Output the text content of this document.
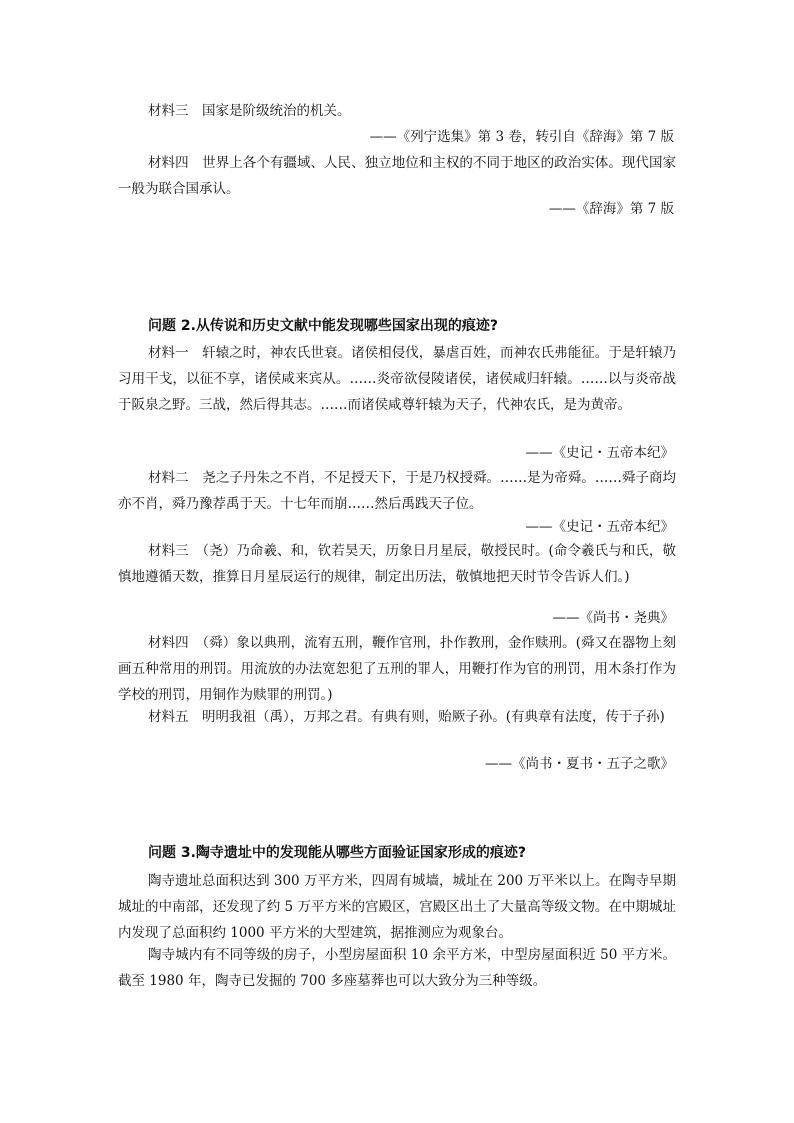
材料三　国家是阶级统治的机关。
——《列宁选集》第 3 卷，转引自《辞海》第 7 版
材料四　世界上各个有疆域、人民、独立地位和主权的不同于地区的政治实体。现代国家一般为联合国承认。
——《辞海》第 7 版
问题 2.从传说和历史文献中能发现哪些国家出现的痕迹?
材料一　轩辕之时，神农氏世衰。诸侯相侵伐，暴虐百姓，而神农氏弗能征。于是轩辕乃习用干戈，以征不享，诸侯咸来宾从。……炎帝欲侵陵诸侯，诸侯咸归轩辕。……以与炎帝战于阪泉之野。三战，然后得其志。……而诸侯咸尊轩辕为天子，代神农氏，是为黄帝。
——《史记・五帝本纪》
材料二　尧之子丹朱之不肖，不足授天下，于是乃权授舜。……是为帝舜。……舜子商均亦不肖，舜乃豫荐禹于天。十七年而崩……然后禹践天子位。
——《史记・五帝本纪》
材料三　（尧）乃命羲、和，钦若昊天，历象日月星辰，敬授民时。(命令羲氏与和氏，敬慎地遵循天数，推算日月星辰运行的规律，制定出历法，敬慎地把天时节令告诉人们。)
——《尚书・尧典》
材料四　（舜）象以典刑，流宥五刑，鞭作官刑，扑作教刑，金作赎刑。(舜又在器物上刻画五种常用的刑罚。用流放的办法宽恕犯了五刑的罪人，用鞭打作为官的刑罚，用木条打作为学校的刑罚，用铜作为赎罪的刑罚。)
材料五　明明我祖（禹），万邦之君。有典有则，贻厥子孙。(有典章有法度，传于子孙)
——《尚书・夏书・五子之歌》
问题 3.陶寺遗址中的发现能从哪些方面验证国家形成的痕迹?
陶寺遗址总面积达到 300 万平方米，四周有城墙，城址在 200 万平米以上。在陶寺早期城址的中南部，还发现了约 5 万平方米的宫殿区，宫殿区出土了大量高等级文物。在中期城址内发现了总面积约 1000 平方米的大型建筑，据推测应为观象台。
陶寺城内有不同等级的房子，小型房屋面积 10 余平方米，中型房屋面积近 50 平方米。截至 1980 年，陶寺已发掘的 700 多座墓葬也可以大致分为三种等级。
